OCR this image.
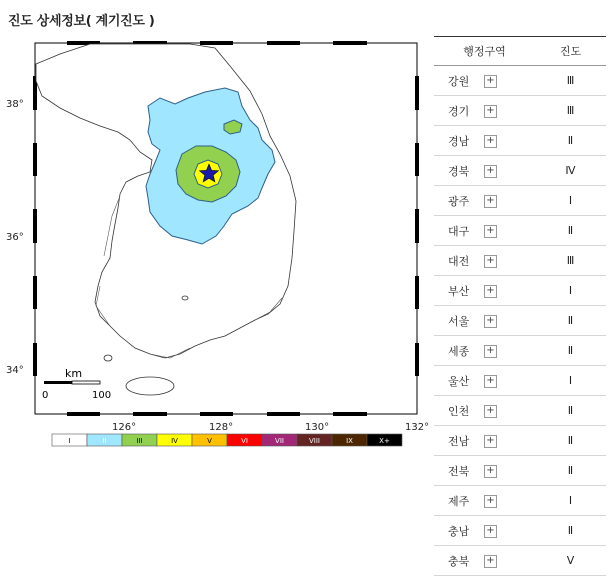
진도 상세정보( 계기진도 )
38°
36°
34°
126°	128°	130°	132°
km
0	100
I	II	III	IV	V	VI	VII	VIII	IX	X+
행정구역	진도
강원 +	Ⅲ
경기 +	Ⅲ
경남 +	Ⅱ
경북 +	Ⅳ
광주 +	Ⅰ
대구 +	Ⅱ
대전 +	Ⅲ
부산 +	Ⅰ
서울 +	Ⅱ
세종 +	Ⅱ
울산 +	Ⅰ
인천 +	Ⅱ
전남 +	Ⅱ
전북 +	Ⅱ
제주 +	Ⅰ
충남 +	Ⅱ
충북 +	Ⅴ
